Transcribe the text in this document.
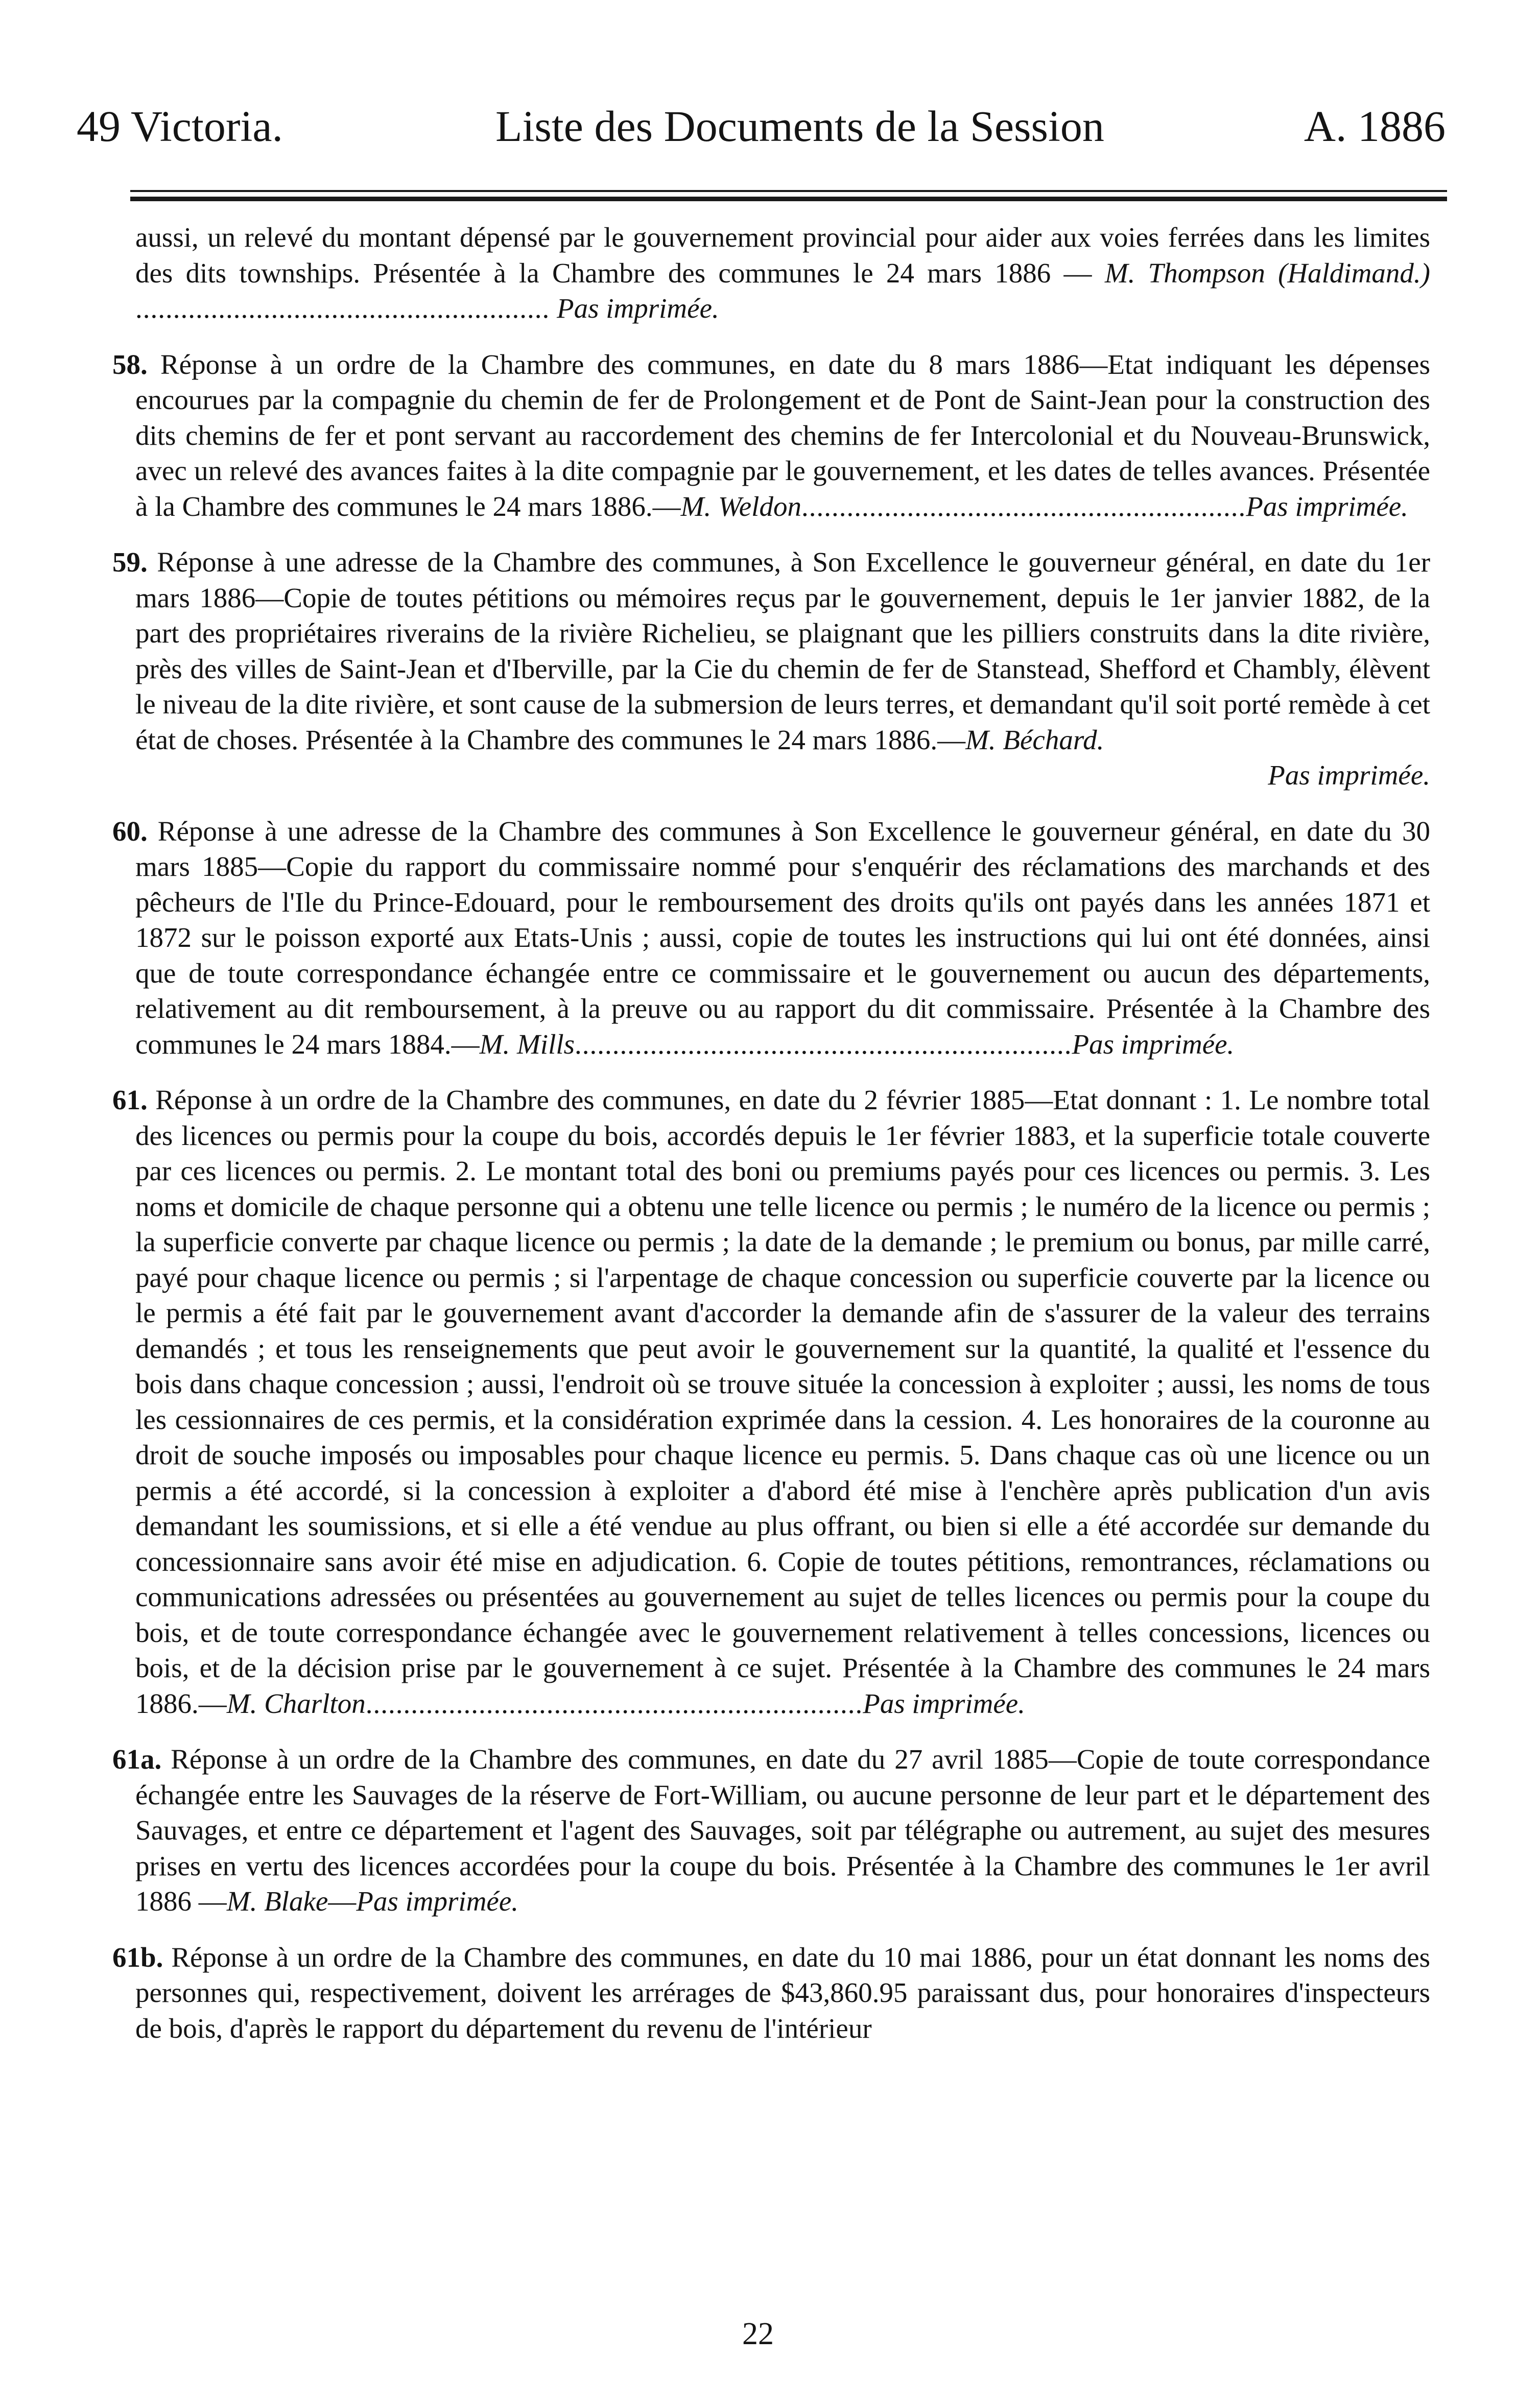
49 Victoria.	Liste des Documents de la Session	A. 1886

aussi, un relevé du montant dépensé par le gouvernement provincial pour aider aux voies ferrées dans les limites des dits townships. Présentée à la Chambre des communes le 24 mars 1886 — M. Thompson (Haldimand.) ....................................................... Pas imprimée.

58. Réponse à un ordre de la Chambre des communes, en date du 8 mars 1886—Etat indiquant les dépenses encourues par la compagnie du chemin de fer de Prolongement et de Pont de Saint-Jean pour la construction des dits chemins de fer et pont servant au raccordement des chemins de fer Intercolonial et du Nouveau-Brunswick, avec un relevé des avances faites à la dite compagnie par le gouvernement, et les dates de telles avances. Présentée à la Chambre des communes le 24 mars 1886.—M. Weldon...........................................................Pas imprimée.

59. Réponse à une adresse de la Chambre des communes, à Son Excellence le gouverneur général, en date du 1er mars 1886—Copie de toutes pétitions ou mémoires reçus par le gouvernement, depuis le 1er janvier 1882, de la part des propriétaires riverains de la rivière Richelieu, se plaignant que les pilliers construits dans la dite rivière, près des villes de Saint-Jean et d'Iberville, par la Cie du chemin de fer de Stanstead, Shefford et Chambly, élèvent le niveau de la dite rivière, et sont cause de la submersion de leurs terres, et demandant qu'il soit porté remède à cet état de choses. Présentée à la Chambre des communes le 24 mars 1886.—M. Béchard.
Pas imprimée.

60. Réponse à une adresse de la Chambre des communes à Son Excellence le gouverneur général, en date du 30 mars 1885—Copie du rapport du commissaire nommé pour s'enquérir des réclamations des marchands et des pêcheurs de l'Ile du Prince-Edouard, pour le remboursement des droits qu'ils ont payés dans les années 1871 et 1872 sur le poisson exporté aux Etats-Unis ; aussi, copie de toutes les instructions qui lui ont été données, ainsi que de toute correspondance échangée entre ce commissaire et le gouvernement ou aucun des départements, relativement au dit remboursement, à la preuve ou au rapport du dit commissaire. Présentée à la Chambre des communes le 24 mars 1884.—M. Mills..................................................................Pas imprimée.

61. Réponse à un ordre de la Chambre des communes, en date du 2 février 1885—Etat donnant : 1. Le nombre total des licences ou permis pour la coupe du bois, accordés depuis le 1er février 1883, et la superficie totale couverte par ces licences ou permis. 2. Le montant total des boni ou premiums payés pour ces licences ou permis. 3. Les noms et domicile de chaque personne qui a obtenu une telle licence ou permis ; le numéro de la licence ou permis ; la superficie converte par chaque licence ou permis ; la date de la demande ; le premium ou bonus, par mille carré, payé pour chaque licence ou permis ; si l'arpentage de chaque concession ou superficie couverte par la licence ou le permis a été fait par le gouvernement avant d'accorder la demande afin de s'assurer de la valeur des terrains demandés ; et tous les renseignements que peut avoir le gouvernement sur la quantité, la qualité et l'essence du bois dans chaque concession ; aussi, l'endroit où se trouve située la concession à exploiter ; aussi, les noms de tous les cessionnaires de ces permis, et la considération exprimée dans la cession. 4. Les honoraires de la couronne au droit de souche imposés ou imposables pour chaque licence eu permis. 5. Dans chaque cas où une licence ou un permis a été accordé, si la concession à exploiter a d'abord été mise à l'enchère après publication d'un avis demandant les soumissions, et si elle a été vendue au plus offrant, ou bien si elle a été accordée sur demande du concessionnaire sans avoir été mise en adjudication. 6. Copie de toutes pétitions, remontrances, réclamations ou communications adressées ou présentées au gouvernement au sujet de telles licences ou permis pour la coupe du bois, et de toute correspondance échangée avec le gouvernement relativement à telles concessions, licences ou bois, et de la décision prise par le gouvernement à ce sujet. Présentée à la Chambre des communes le 24 mars 1886.—M. Charlton..................................................................Pas imprimée.

61a. Réponse à un ordre de la Chambre des communes, en date du 27 avril 1885—Copie de toute correspondance échangée entre les Sauvages de la réserve de Fort-William, ou aucune personne de leur part et le département des Sauvages, et entre ce département et l'agent des Sauvages, soit par télégraphe ou autrement, au sujet des mesures prises en vertu des licences accordées pour la coupe du bois. Présentée à la Chambre des communes le 1er avril 1886 —M. Blake—Pas imprimée.

61b. Réponse à un ordre de la Chambre des communes, en date du 10 mai 1886, pour un état donnant les noms des personnes qui, respectivement, doivent les arrérages de $43,860.95 paraissant dus, pour honoraires d'inspecteurs de bois, d'après le rapport du département du revenu de l'intérieur

22
